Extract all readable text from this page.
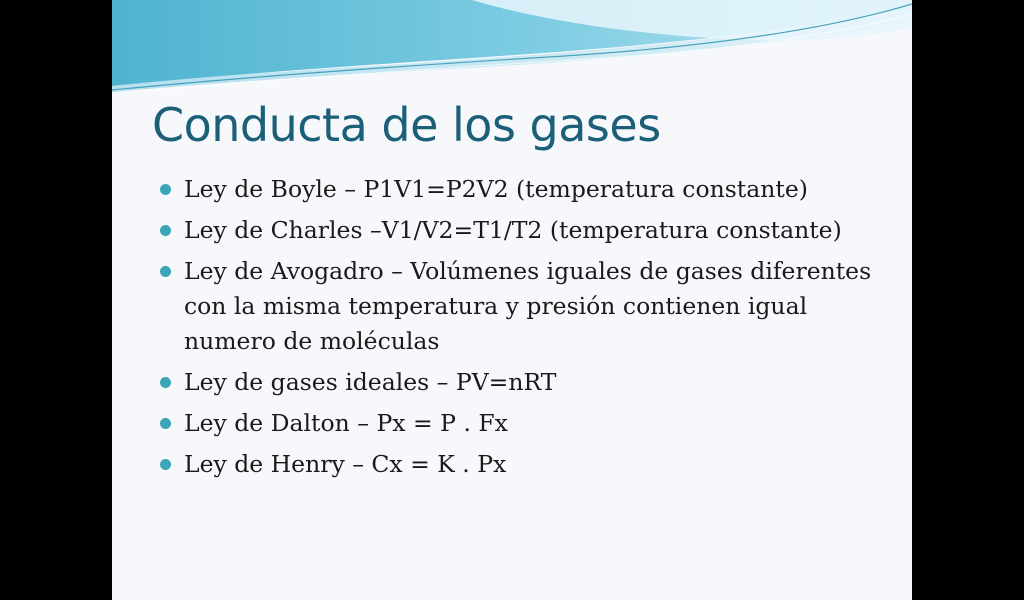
Conducta de los gases
Ley de Boyle – P1V1=P2V2 (temperatura constante)
Ley de Charles –V1/V2=T1/T2 (temperatura constante)
Ley de Avogadro – Volúmenes iguales de gases diferentes con la misma temperatura y presión contienen igual numero de moléculas
Ley de gases ideales – PV=nRT
Ley de Dalton – Px = P . Fx
Ley de Henry – Cx = K . Px
